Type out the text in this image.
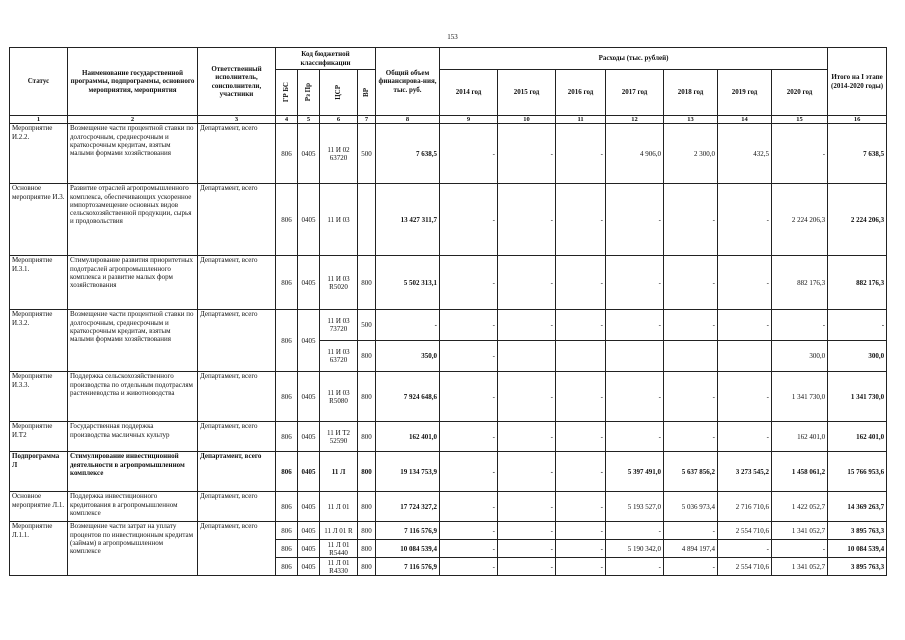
153
Статус	Наименование государственной программы, подпрограммы, основного мероприятия, мероприятия	Ответственный исполнитель, соисполнители, участники	Код бюджетной классификации				Общий объем финансирова-ния, тыс. руб.	Расходы (тыс. рублей)							Итого на I этапе (2014-2020 годы)

			ГР БС	Рз Пр	ЦСР	ВР		2014 год	2015 год	2016 год	2017 год	2018 год	2019 год	2020 год	
1	2	3	4	5	6	7	8	9	10	11	12	13	14	15	16
Мероприятие И.2.2.	Возмещение части процентной ставки по долгосрочным, среднесрочным и краткосрочным кредитам, взятым малыми формами хозяйствования	Департамент, всего	806	0405	11 И 02 63720	500	7 638,5	-	-	-	4 906,0	2 300,0	432,5	-	7 638,5
Основное мероприятие И.3.	Развитие отраслей агропромышленного комплекса, обеспечивающих ускоренное импортозамещение основных видов сельскохозяйственной продукции, сырья и продовольствия	Департамент, всего	806	0405	11 И 03		13 427 311,7	-	-	-	-	-	-	2 224 206,3	2 224 206,3
Мероприятие И.3.1.	Стимулирование развития приоритетных подотраслей агропромышленного комплекса и развитие малых форм хозяйствования	Департамент, всего	806	0405	11 И 03 R5020	800	5 502 313,1	-	-	-	-	-	-	882 176,3	882 176,3
Мероприятие И.3.2.	Возмещение части процентной ставки по долгосрочным, среднесрочным и краткосрочным кредитам, взятым малыми формами хозяйствования	Департамент, всего	806	0405	11 И 03 73720	500	-	-	-	-	-	-	-	-	-
					11 И 03 63720	800	350,0	-						300,0	300,0
Мероприятие И.3.3.	Поддержка сельскохозяйственного производства по отдельным подотраслям растениеводства и животноводства	Департамент, всего	806	0405	11 И 03 R5080	800	7 924 648,6	-	-	-	-	-	-	1 341 730,0	1 341 730,0
Мероприятие И.Т2	Государственная поддержка производства масличных культур	Департамент, всего	806	0405	11 И Т2 52590	800	162 401,0	-	-	-	-	-	-	162 401,0	162 401,0
Подпрограмма Л	Стимулирование инвестиционной деятельности в агропромышленном комплексе	Департамент, всего	806	0405	11 Л	800	19 134 753,9	-	-	-	5 397 491,0	5 637 856,2	3 273 545,2	1 458 061,2	15 766 953,6
Основное мероприятие Л.1.	Поддержка инвестиционного кредитования в агропромышленном комплексе	Департамент, всего	806	0405	11 Л 01	800	17 724 327,2	-	-	-	5 193 527,0	5 036 973,4	2 716 710,6	1 422 052,7	14 369 263,7
Мероприятие Л.1.1.	Возмещение части затрат на уплату процентов по инвестиционным кредитам (займам) в агропромышленном комплексе	Департамент, всего	806	0405	11 Л 01 R	800	7 116 576,9	-	-	-	-	-	2 554 710,6	1 341 052,7	3 895 763,3
			806	0405	11 Л 01 R5440	800	10 084 539,4	-	-	-	5 190 342,0	4 894 197,4	-	-	10 084 539,4
			806	0405	11 Л 01 R4330	800	7 116 576,9	-	-	-	-	-	2 554 710,6	1 341 052,7	3 895 763,3
